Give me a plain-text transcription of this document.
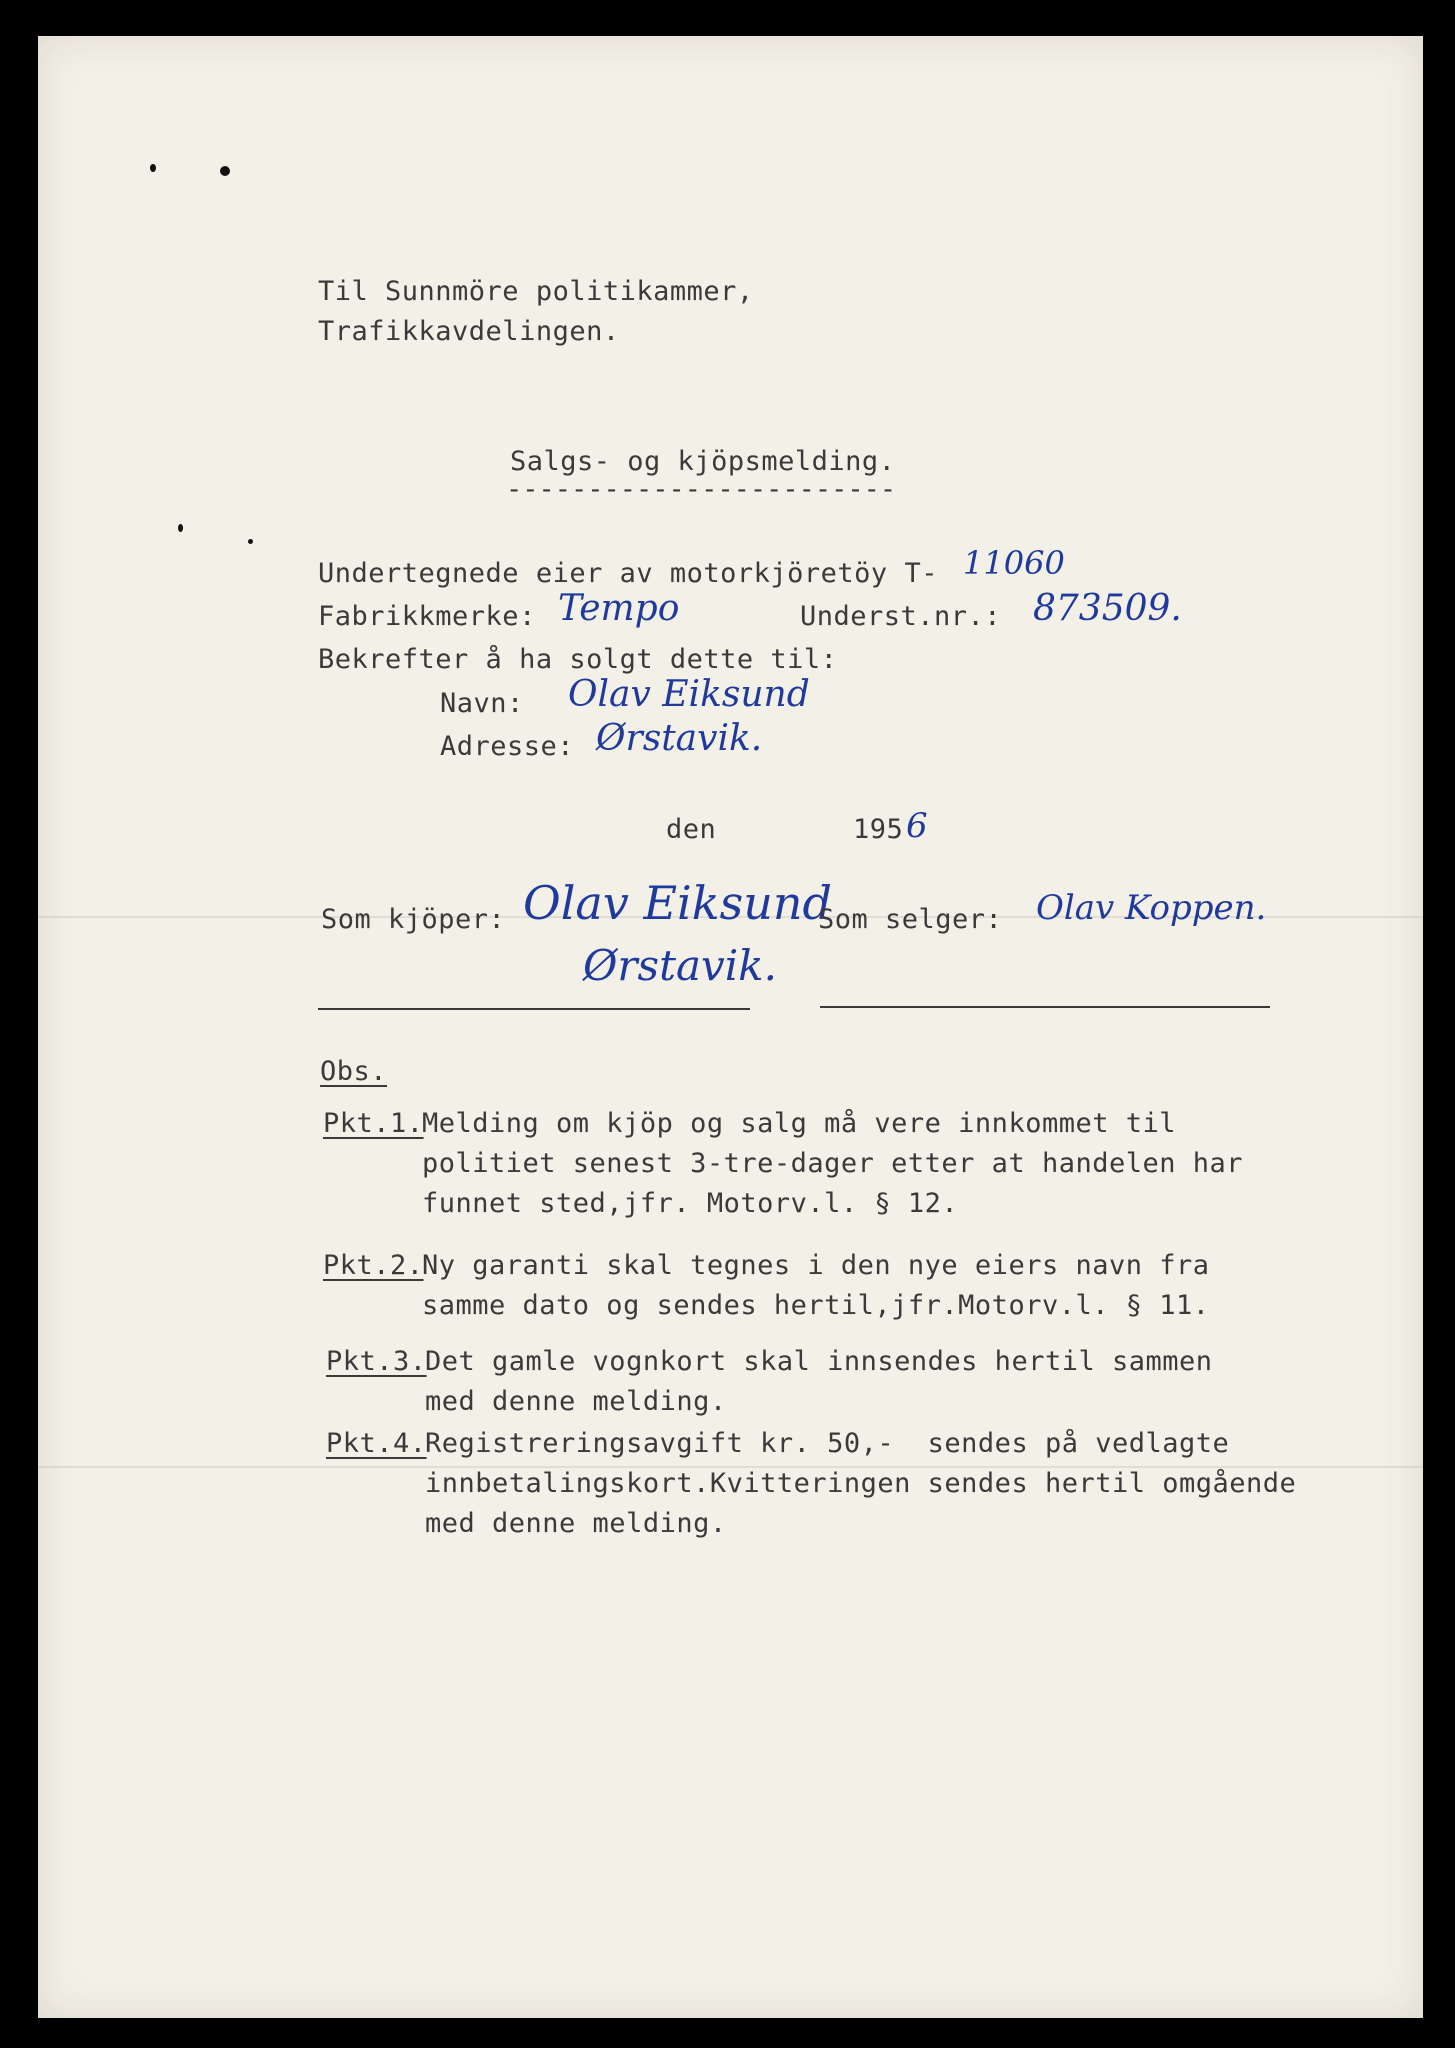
Til Sunnmöre politikammer,
Trafikkavdelingen.
Salgs- og kjöpsmelding.
------------------------
Undertegnede eier av motorkjöretöy T- 11060
Fabrikkmerke: Tempo	Underst.nr.: 873509.
Bekrefter å ha solgt dette til:
Navn: Olav Eiksund
Adresse: Ørstavik.
den	195 6
Som kjöper: Olav Eiksund
Ørstavik.
Som selger: Olav Koppen.
Obs.
Pkt.1.
Melding om kjöp og salg må vere innkommet til
politiet senest 3-tre-dager etter at handelen har
funnet sted,jfr. Motorv.l. § 12.
Pkt.2.
Ny garanti skal tegnes i den nye eiers navn fra
samme dato og sendes hertil,jfr.Motorv.l. § 11.
Pkt.3.
Det gamle vognkort skal innsendes hertil sammen
med denne melding.
Pkt.4.
Registreringsavgift kr. 50,-  sendes på vedlagte
innbetalingskort.Kvitteringen sendes hertil omgående
med denne melding.
